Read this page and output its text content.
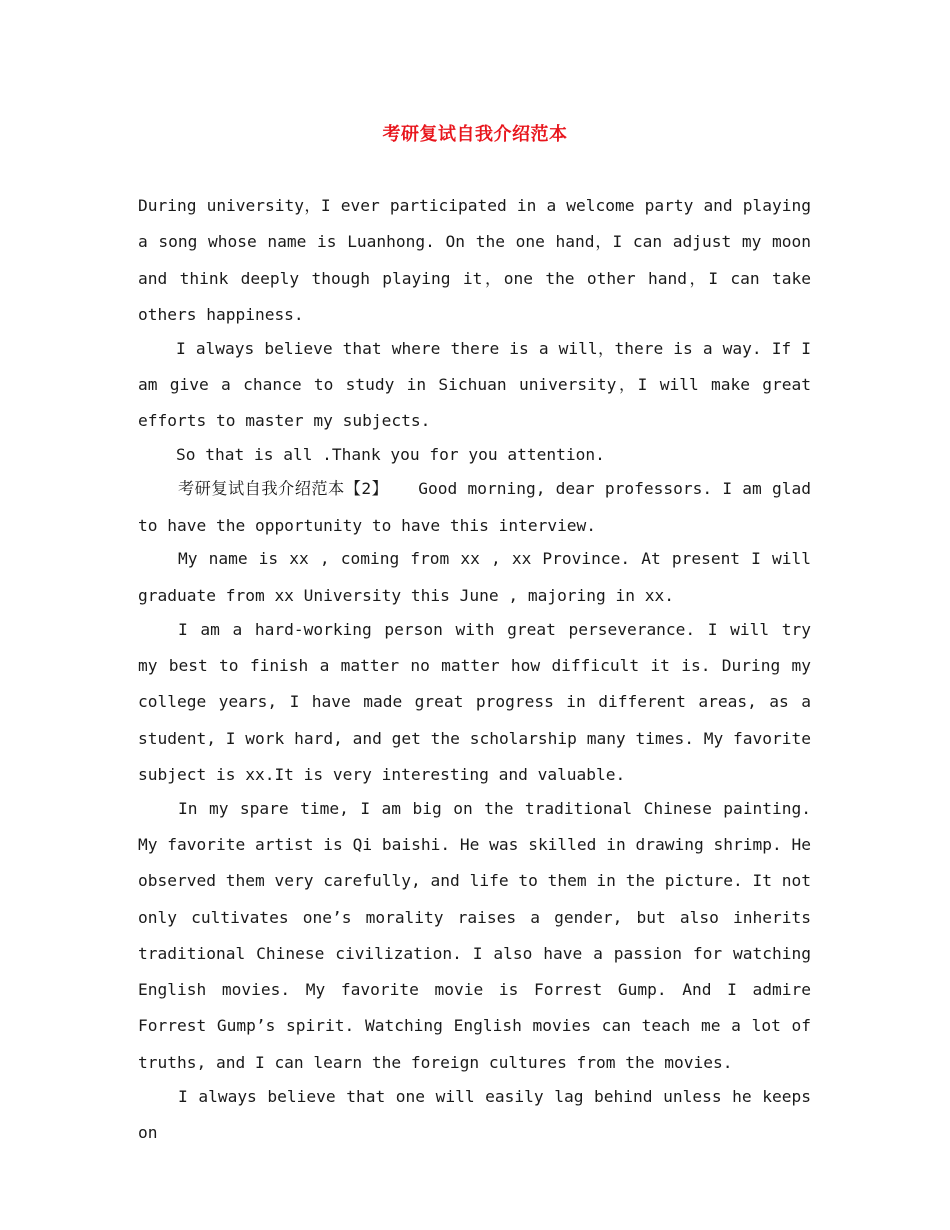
考研复试自我介绍范本

During university，I ever participated in a welcome party and playing a song whose name is Luanhong. On the one hand，I can adjust my moon and think deeply though playing it，one the other hand，I can take others happiness.

I always believe that where there is a will，there is a way. If I am give a chance to study in Sichuan university，I will make great efforts to master my subjects.

So that is all .Thank you for you attention.

考研复试自我介绍范本【2】 Good morning, dear professors. I am glad to have the opportunity to have this interview.

My name is xx , coming from xx , xx Province. At present I will graduate from xx University this June , majoring in xx.

I am a hard-working person with great perseverance. I will try my best to finish a matter no matter how difficult it is. During my college years, I have made great progress in different areas, as a student, I work hard, and get the scholarship many times. My favorite subject is xx.It is very interesting and valuable.

In my spare time, I am big on the traditional Chinese painting. My favorite artist is Qi baishi. He was skilled in drawing shrimp. He observed them very carefully, and life to them in the picture. It not only cultivates one’s morality raises a gender, but also inherits traditional Chinese civilization. I also have a passion for watching English movies. My favorite movie is Forrest Gump. And I admire Forrest Gump’s spirit. Watching English movies can teach me a lot of truths, and I can learn the foreign cultures from the movies.

I always believe that one will easily lag behind unless he keeps on
